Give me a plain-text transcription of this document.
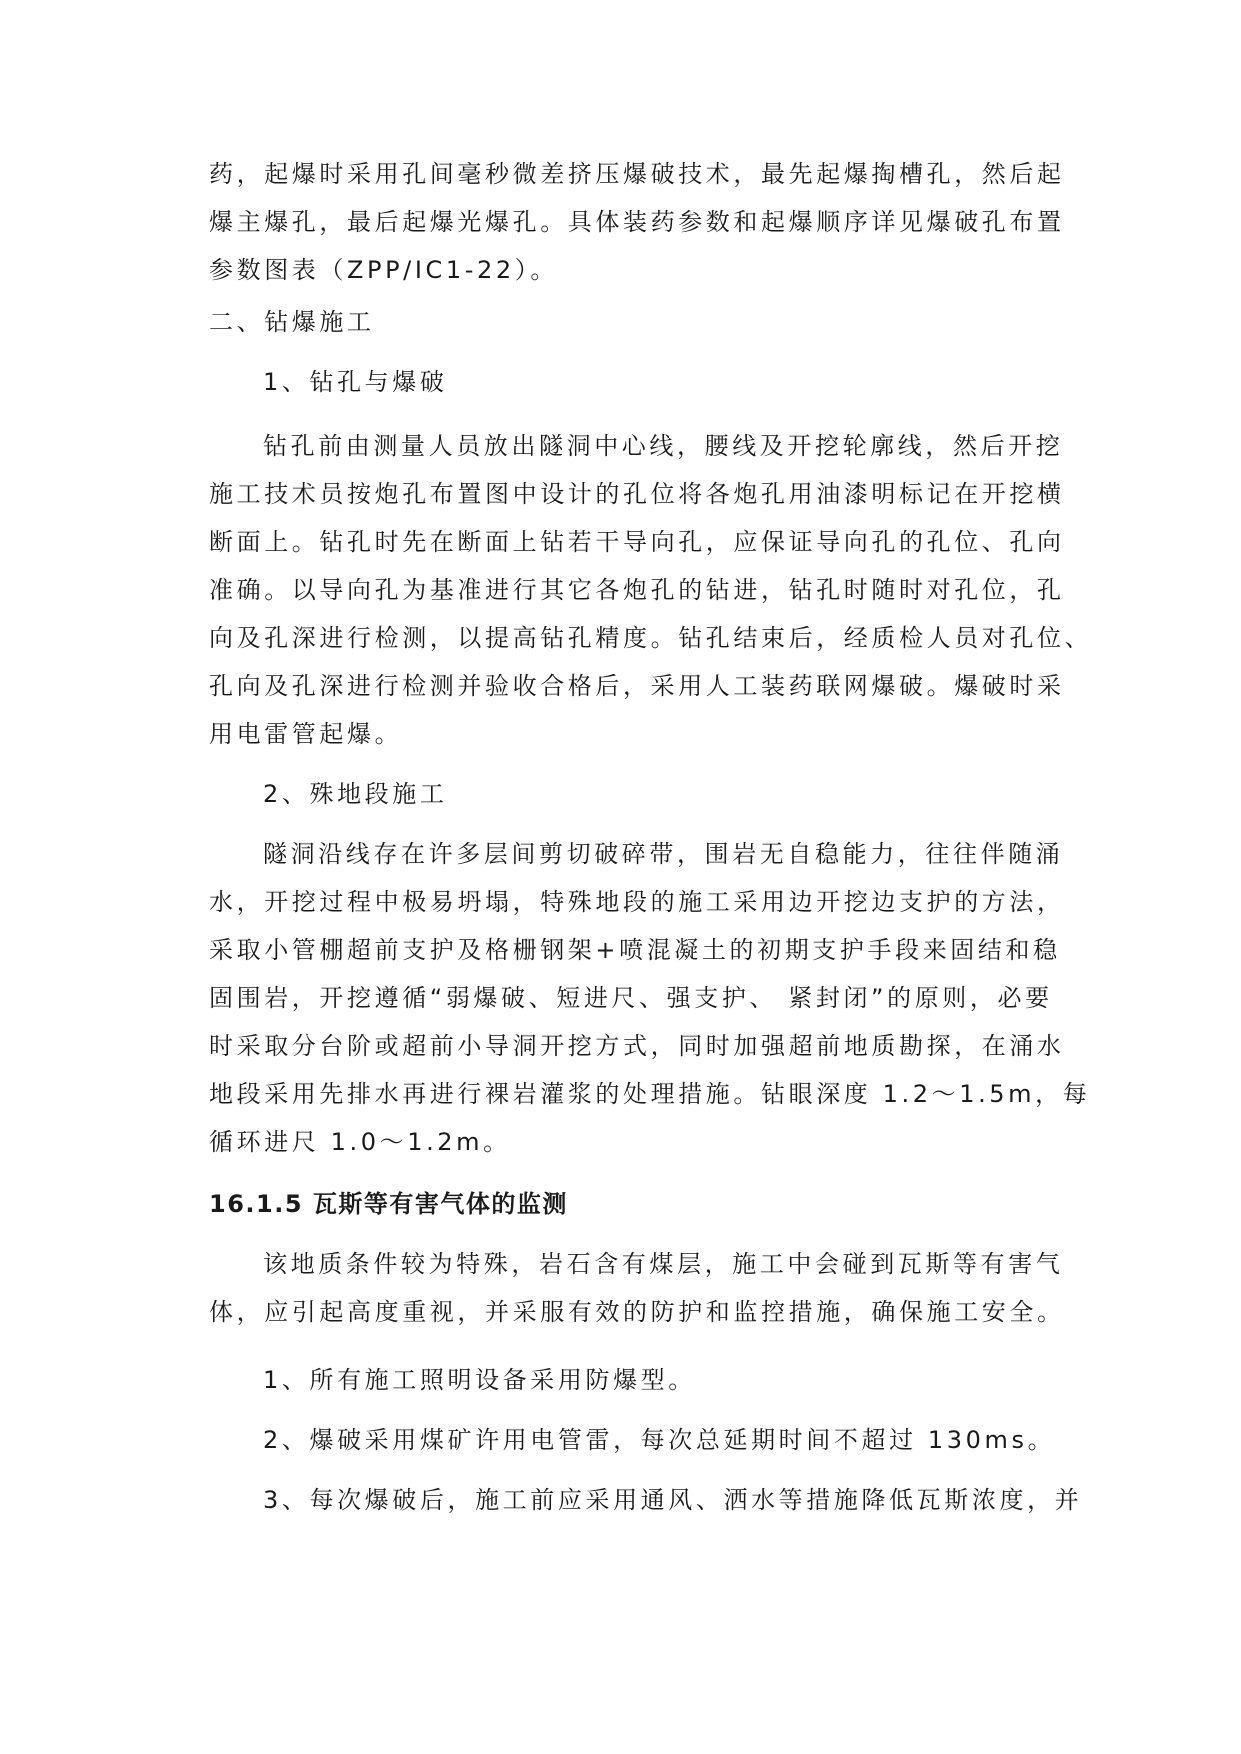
药，起爆时采用孔间毫秒微差挤压爆破技术，最先起爆掏槽孔，然后起
爆主爆孔，最后起爆光爆孔。具体装药参数和起爆顺序详见爆破孔布置
参数图表（ZPP/IC1-22）。
二、钻爆施工
1、钻孔与爆破
钻孔前由测量人员放出隧洞中心线，腰线及开挖轮廓线，然后开挖
施工技术员按炮孔布置图中设计的孔位将各炮孔用油漆明标记在开挖横
断面上。钻孔时先在断面上钻若干导向孔，应保证导向孔的孔位、孔向
准确。以导向孔为基准进行其它各炮孔的钻进，钻孔时随时对孔位，孔
向及孔深进行检测，以提高钻孔精度。钻孔结束后，经质检人员对孔位、
孔向及孔深进行检测并验收合格后，采用人工装药联网爆破。爆破时采
用电雷管起爆。
2、殊地段施工
隧洞沿线存在许多层间剪切破碎带，围岩无自稳能力，往往伴随涌
水，开挖过程中极易坍塌，特殊地段的施工采用边开挖边支护的方法，
采取小管棚超前支护及格栅钢架+喷混凝土的初期支护手段来固结和稳
固围岩，开挖遵循“弱爆破、短进尺、强支护、 紧封闭”的原则，必要
时采取分台阶或超前小导洞开挖方式，同时加强超前地质勘探，在涌水
地段采用先排水再进行裸岩灌浆的处理措施。钻眼深度 1.2～1.5m，每
循环进尺 1.0～1.2m。
16.1.5 瓦斯等有害气体的监测
该地质条件较为特殊，岩石含有煤层，施工中会碰到瓦斯等有害气
体，应引起高度重视，并采服有效的防护和监控措施，确保施工安全。
1、所有施工照明设备采用防爆型。
2、爆破采用煤矿许用电管雷，每次总延期时间不超过 130ms。
3、每次爆破后，施工前应采用通风、洒水等措施降低瓦斯浓度，并
